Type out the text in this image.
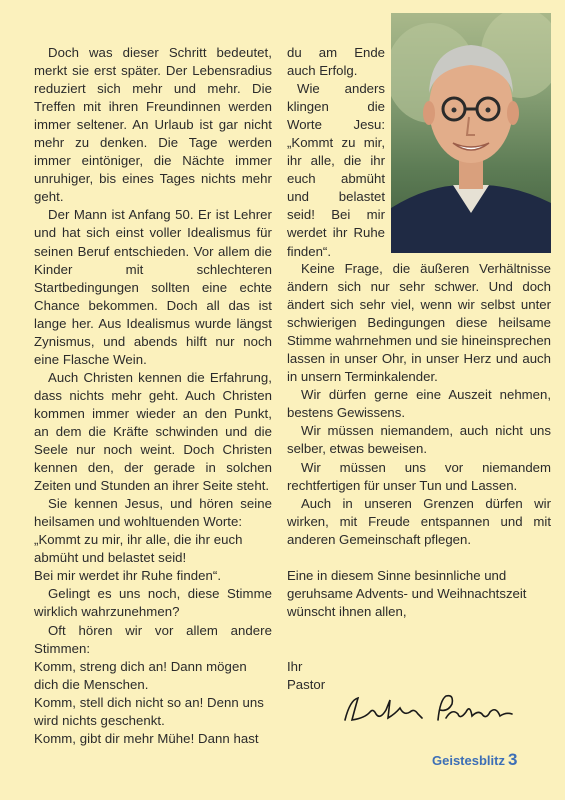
Doch was dieser Schritt bedeutet, merkt sie erst später. Der Lebensradius reduziert sich mehr und mehr. Die Treffen mit ihren Freundinnen werden immer seltener. An Urlaub ist gar nicht mehr zu denken. Die Tage werden immer eintöniger, die Nächte immer unruhiger, bis eines Tages nichts mehr geht.

Der Mann ist Anfang 50. Er ist Lehrer und hat sich einst voller Idealismus für seinen Beruf entschieden. Vor allem die Kinder mit schlechteren Startbedingungen sollten eine echte Chance bekommen. Doch all das ist lange her. Aus Idealismus wurde längst Zynismus, und abends hilft nur noch eine Flasche Wein.

Auch Christen kennen die Erfahrung, dass nichts mehr geht. Auch Christen kommen immer wieder an den Punkt, an dem die Kräfte schwinden und die Seele nur noch weint. Doch Christen kennen den, der gerade in solchen Zeiten und Stunden an ihrer Seite steht.

Sie kennen Jesus, und hören seine heilsamen und wohltuenden Worte:

„Kommt zu mir, ihr alle, die ihr euch abmüht und belastet seid!

Bei mir werdet ihr Ruhe finden“.

Gelingt es uns noch, diese Stimme wirklich wahrzunehmen?

Oft hören wir vor allem andere Stimmen:

Komm, streng dich an! Dann mögen dich die Menschen.

Komm, stell dich nicht so an! Denn uns wird nichts geschenkt.

Komm, gibt dir mehr Mühe! Dann hast

du am Ende auch Erfolg.

Wie anders klingen die Worte Jesu: „Kommt zu mir, ihr alle, die ihr euch abmüht und belastet seid! Bei mir werdet ihr Ruhe finden“.

Keine Frage, die äußeren Verhältnisse ändern sich nur sehr schwer. Und doch ändert sich sehr viel, wenn wir selbst unter schwierigen Bedingungen diese heilsame Stimme wahrnehmen und sie hineinsprechen lassen in unser Ohr, in unser Herz und auch in unsern Terminkalender.

Wir dürfen gerne eine Auszeit nehmen, bestens Gewissens.

Wir müssen niemandem, auch nicht uns selber, etwas beweisen.

Wir müssen uns vor niemandem rechtfertigen für unser Tun und Lassen.

Auch in unseren Grenzen dürfen wir wirken, mit Freude entspannen und mit anderen Gemeinschaft pflegen.

Eine in diesem Sinne besinnliche und geruhsame Advents- und Weihnachtszeit wünscht ihnen allen,

Ihr
Pastor
Geistesblitz 3
